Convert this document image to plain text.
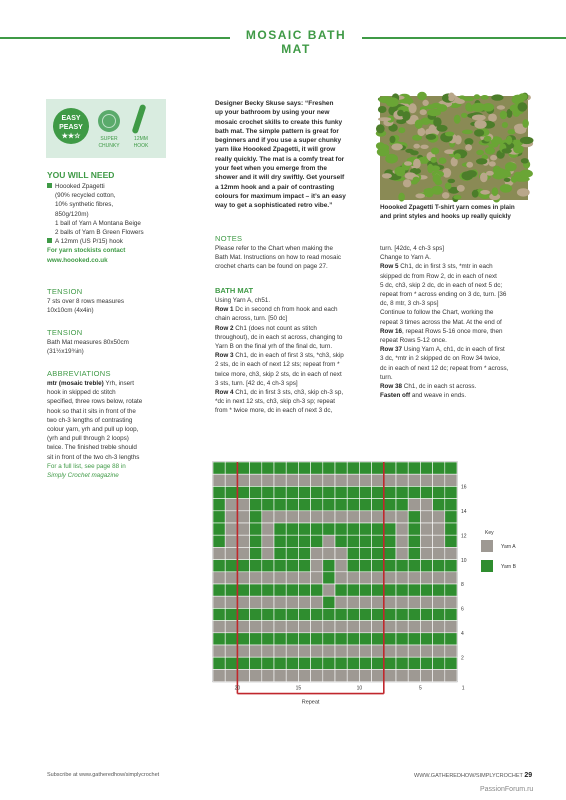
MOSAIC BATH MAT
EASY
PEASY
★★☆	SUPER CHUNKY
12MM HOOK
YOU WILL NEED
Hoooked Zpagetti
(90% recycled cotton,
10% synthetic fibres,
850g/120m)
1 ball of Yarn A Montana Beige
2 balls of Yarn B Green Flowers
A 12mm (US P/15) hook
For yarn stockists contact
www.hoooked.co.uk
TENSION
7 sts over 8 rows measures
10x10cm (4x4in)
TENSION
Bath Mat measures 80x50cm
(31½x19¾in)
ABBREVIATIONS
mtr (mosaic treble) Yrh, insert
hook in skipped dc stitch
specified, three rows below, rotate
hook so that it sits in front of the
two ch-3 lengths of contrasting
colour yarn, yrh and pull up loop,
(yrh and pull through 2 loops)
twice. The finished treble should
sit in front of the two ch-3 lengths
For a full list, see page 88 in
Simply Crochet magazine
Designer Becky Skuse says: “Freshen
up your bathroom by using your new
mosaic crochet skills to create this funky
bath mat. The simple pattern is great for
beginners and if you use a super chunky
yarn like Hoooked Zpagetti, it will grow
really quickly. The mat is a comfy treat for
your feet when you emerge from the
shower and it will dry swiftly. Get yourself
a 12mm hook and a pair of contrasting
colours for maximum impact – it’s an easy
way to get a sophisticated retro vibe.”	Hoooked Zpagetti T-shirt yarn comes in plain
and print styles and hooks up really quickly
NOTES
Please refer to the Chart when making the
Bath Mat. Instructions on how to read mosaic
crochet charts can be found on page 27.
BATH MAT
Using Yarn A, ch51.
Row 1 Dc in second ch from hook and each
chain across, turn. [50 dc]
Row 2 Ch1 (does not count as stitch
throughout), dc in each st across, changing to
Yarn B on the final yrh of the final dc, turn.
Row 3 Ch1, dc in each of first 3 sts, *ch3, skip
2 sts, dc in each of next 12 sts; repeat from *
twice more, ch3, skip 2 sts, dc in each of next
3 sts, turn. [42 dc, 4 ch-3 sps]
Row 4 Ch1, dc in first 3 sts, ch3, skip ch-3 sp,
*dc in next 12 sts, ch3, skip ch-3 sp; repeat
from * twice more, dc in each of next 3 dc,
turn. [42dc, 4 ch-3 sps]
Change to Yarn A.
Row 5 Ch1, dc in first 3 sts, *mtr in each
skipped dc from Row 2, dc in each of next
5 dc, ch3, skip 2 dc, dc in each of next 5 dc;
repeat from * across ending on 3 dc, turn. [36
dc, 8 mtr, 3 ch-3 sps]
Continue to follow the Chart, working the
repeat 3 times across the Mat. At the end of
Row 16, repeat Rows 5-16 once more, then
repeat Rows 5-12 once.
Row 37 Using Yarn A, ch1, dc in each of first
3 dc, *mtr in 2 skipped dc on Row 34 twice,
dc in each of next 12 dc; repeat from * across,
turn.
Row 38 Ch1, dc in each st across.
Fasten off and weave in ends.
Repeat
16
14
12
10
8
6
4
2
20	15	10	5	1
Key
Yarn A
Yarn B
Subscribe at www.gatheredhow/simplycrochet	WWW.GATHEREDHOW/SIMPLYCROCHET 29
PassionForum.ru
